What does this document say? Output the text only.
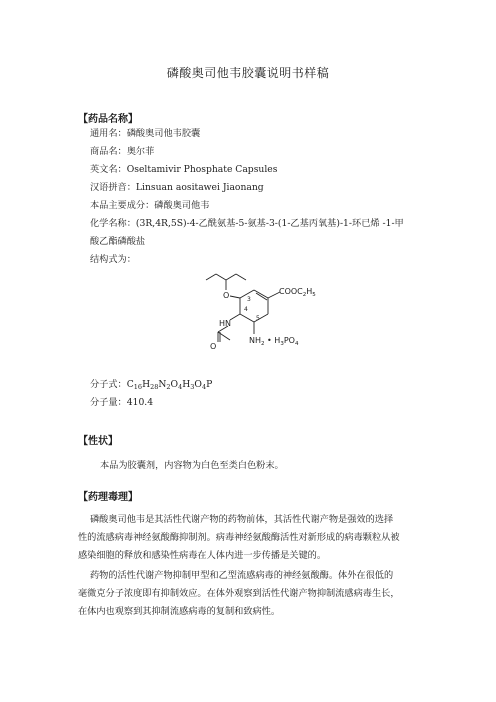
磷酸奥司他韦胶囊说明书样稿
【药品名称】
通用名：磷酸奥司他韦胶囊
商品名：奥尔菲
英文名：Oseltamivir Phosphate Capsules
汉语拼音：Linsuan aositawei Jiaonang
本品主要成分：磷酸奥司他韦
化学名称：(3R,4R,5S)-4-乙酰氨基-5-氨基-3-(1-乙基丙氧基)-1-环已烯 -1-甲
酸乙酯磷酸盐
结构式为：
O	$COOC_2H_5$
HN
O
3
4
5
$NH_2$ • $H_3PO_4$
分子式：$C_{16}H_{28}N_2O_4H_3O_4P$
分子量：410.4
【性状】
本品为胶囊剂，内容物为白色至类白色粉末。
【药理毒理】
磷酸奥司他韦是其活性代谢产物的药物前体，其活性代谢产物是强效的选择
性的流感病毒神经氨酸酶抑制剂。病毒神经氨酸酶活性对新形成的病毒颗粒从被
感染细胞的释放和感染性病毒在人体内进一步传播是关键的。
药物的活性代谢产物抑制甲型和乙型流感病毒的神经氨酸酶。体外在很低的
毫微克分子浓度即有抑制效应。在体外观察到活性代谢产物抑制流感病毒生长，
在体内也观察到其抑制流感病毒的复制和致病性。
